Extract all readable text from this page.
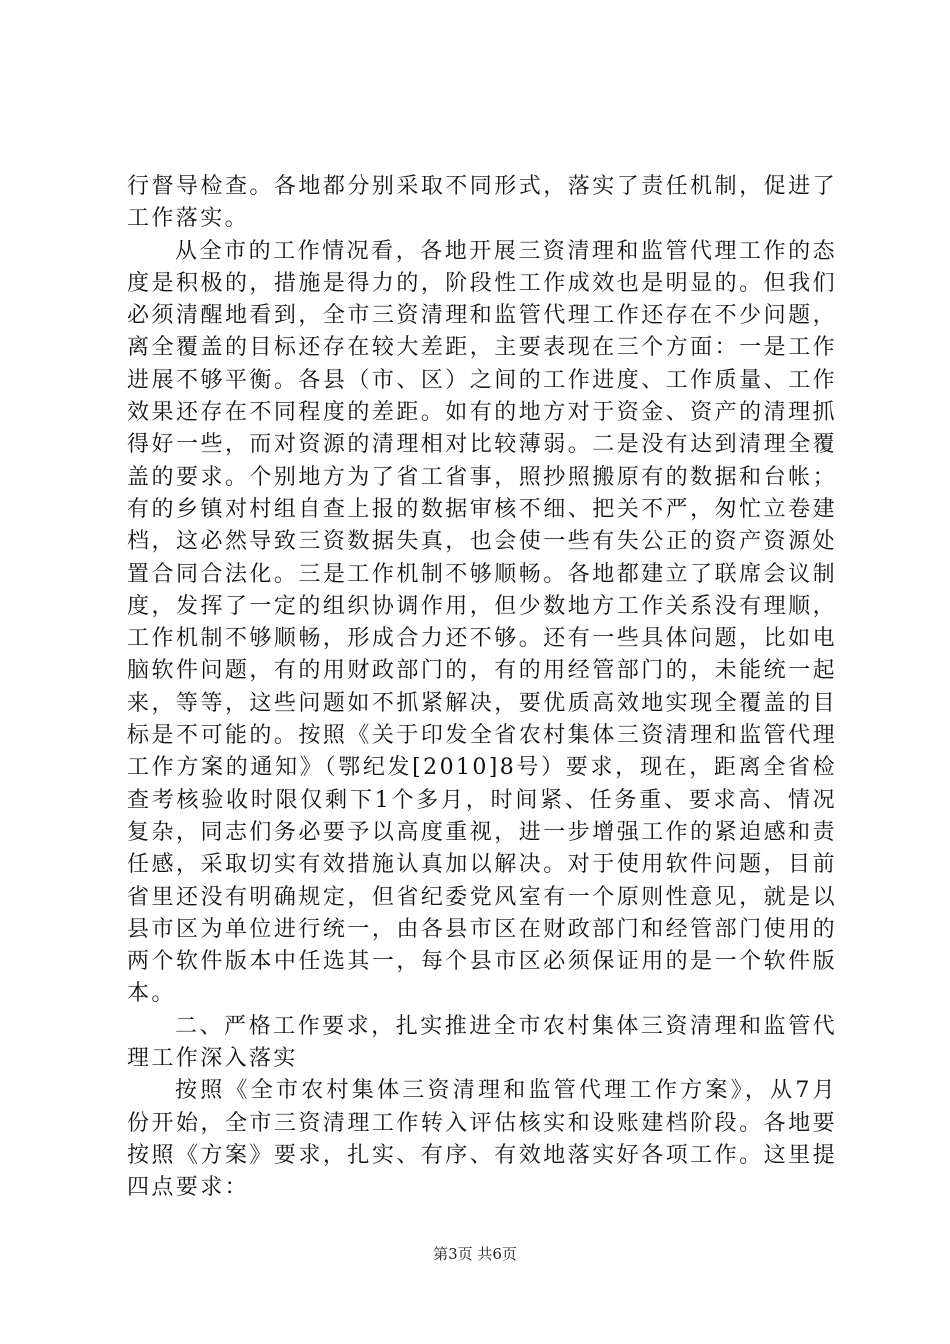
行督导检查。各地都分别采取不同形式，落实了责任机制，促进了工作落实。

从全市的工作情况看，各地开展三资清理和监管代理工作的态度是积极的，措施是得力的，阶段性工作成效也是明显的。但我们必须清醒地看到，全市三资清理和监管代理工作还存在不少问题，离全覆盖的目标还存在较大差距，主要表现在三个方面：一是工作进展不够平衡。各县（市、区）之间的工作进度、工作质量、工作效果还存在不同程度的差距。如有的地方对于资金、资产的清理抓得好一些，而对资源的清理相对比较薄弱。二是没有达到清理全覆盖的要求。个别地方为了省工省事，照抄照搬原有的数据和台帐；有的乡镇对村组自查上报的数据审核不细、把关不严，匆忙立卷建档，这必然导致三资数据失真，也会使一些有失公正的资产资源处置合同合法化。三是工作机制不够顺畅。各地都建立了联席会议制度，发挥了一定的组织协调作用，但少数地方工作关系没有理顺，工作机制不够顺畅，形成合力还不够。还有一些具体问题，比如电脑软件问题，有的用财政部门的，有的用经管部门的，未能统一起来，等等，这些问题如不抓紧解决，要优质高效地实现全覆盖的目标是不可能的。按照《关于印发全省农村集体三资清理和监管代理工作方案的通知》（鄂纪发[2010]8号）要求，现在，距离全省检查考核验收时限仅剩下1个多月，时间紧、任务重、要求高、情况复杂，同志们务必要予以高度重视，进一步增强工作的紧迫感和责任感，采取切实有效措施认真加以解决。对于使用软件问题，目前省里还没有明确规定，但省纪委党风室有一个原则性意见，就是以县市区为单位进行统一，由各县市区在财政部门和经管部门使用的两个软件版本中任选其一，每个县市区必须保证用的是一个软件版本。

二、严格工作要求，扎实推进全市农村集体三资清理和监管代理工作深入落实

按照《全市农村集体三资清理和监管代理工作方案》，从7月份开始，全市三资清理工作转入评估核实和设账建档阶段。各地要按照《方案》要求，扎实、有序、有效地落实好各项工作。这里提四点要求：

第3页 共6页
